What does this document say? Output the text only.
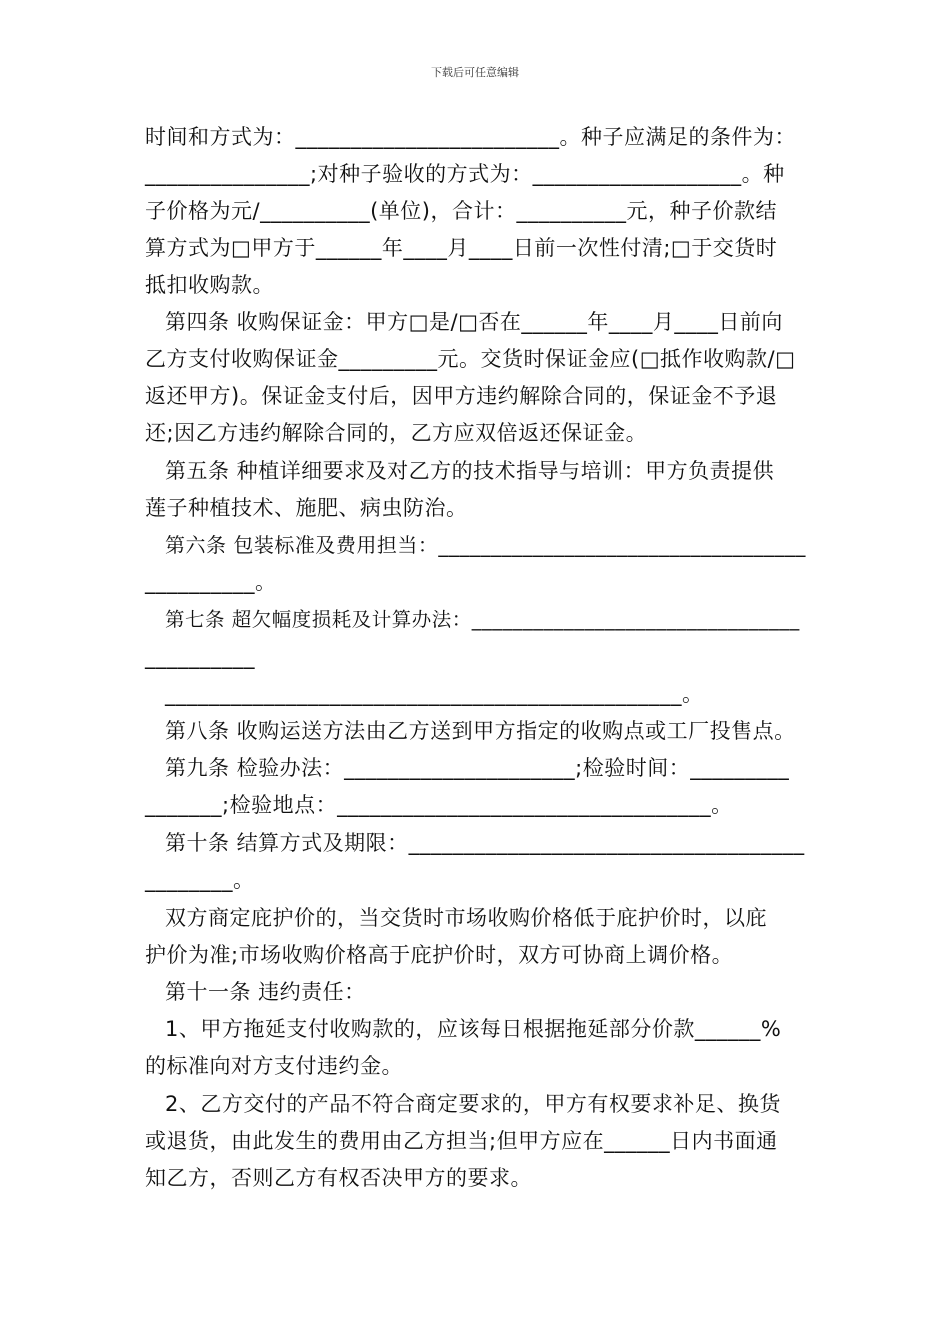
下载后可任意编辑
时间和方式为：________________________。种子应满足的条件为：
_______________;对种子验收的方式为：___________________。种
子价格为元/__________(单位)，合计：__________元，种子价款结
算方式为□甲方于______年____月____日前一次性付清;□于交货时
抵扣收购款。
第四条 收购保证金：甲方□是/□否在______年____月____日前向
乙方支付收购保证金_________元。交货时保证金应(□抵作收购款/□
返还甲方)。保证金支付后，因甲方违约解除合同的，保证金不予退
还;因乙方违约解除合同的，乙方应双倍返还保证金。
第五条 种植详细要求及对乙方的技术指导与培训：甲方负责提供
莲子种植技术、施肥、病虫防治。
第六条 包装标准及费用担当：___________________________________
__________。
第七条 超欠幅度损耗及计算办法：________________________________
__________
_______________________________________________。
第八条 收购运送方法由乙方送到甲方指定的收购点或工厂投售点。
第九条 检验办法：_____________________;检验时间：_________
_______;检验地点：__________________________________。
第十条 结算方式及期限：____________________________________
________。
双方商定庇护价的，当交货时市场收购价格低于庇护价时，以庇
护价为准;市场收购价格高于庇护价时，双方可协商上调价格。
第十一条 违约责任：
1、甲方拖延支付收购款的，应该每日根据拖延部分价款______%
的标准向对方支付违约金。
2、乙方交付的产品不符合商定要求的，甲方有权要求补足、换货
或退货，由此发生的费用由乙方担当;但甲方应在______日内书面通
知乙方，否则乙方有权否决甲方的要求。
